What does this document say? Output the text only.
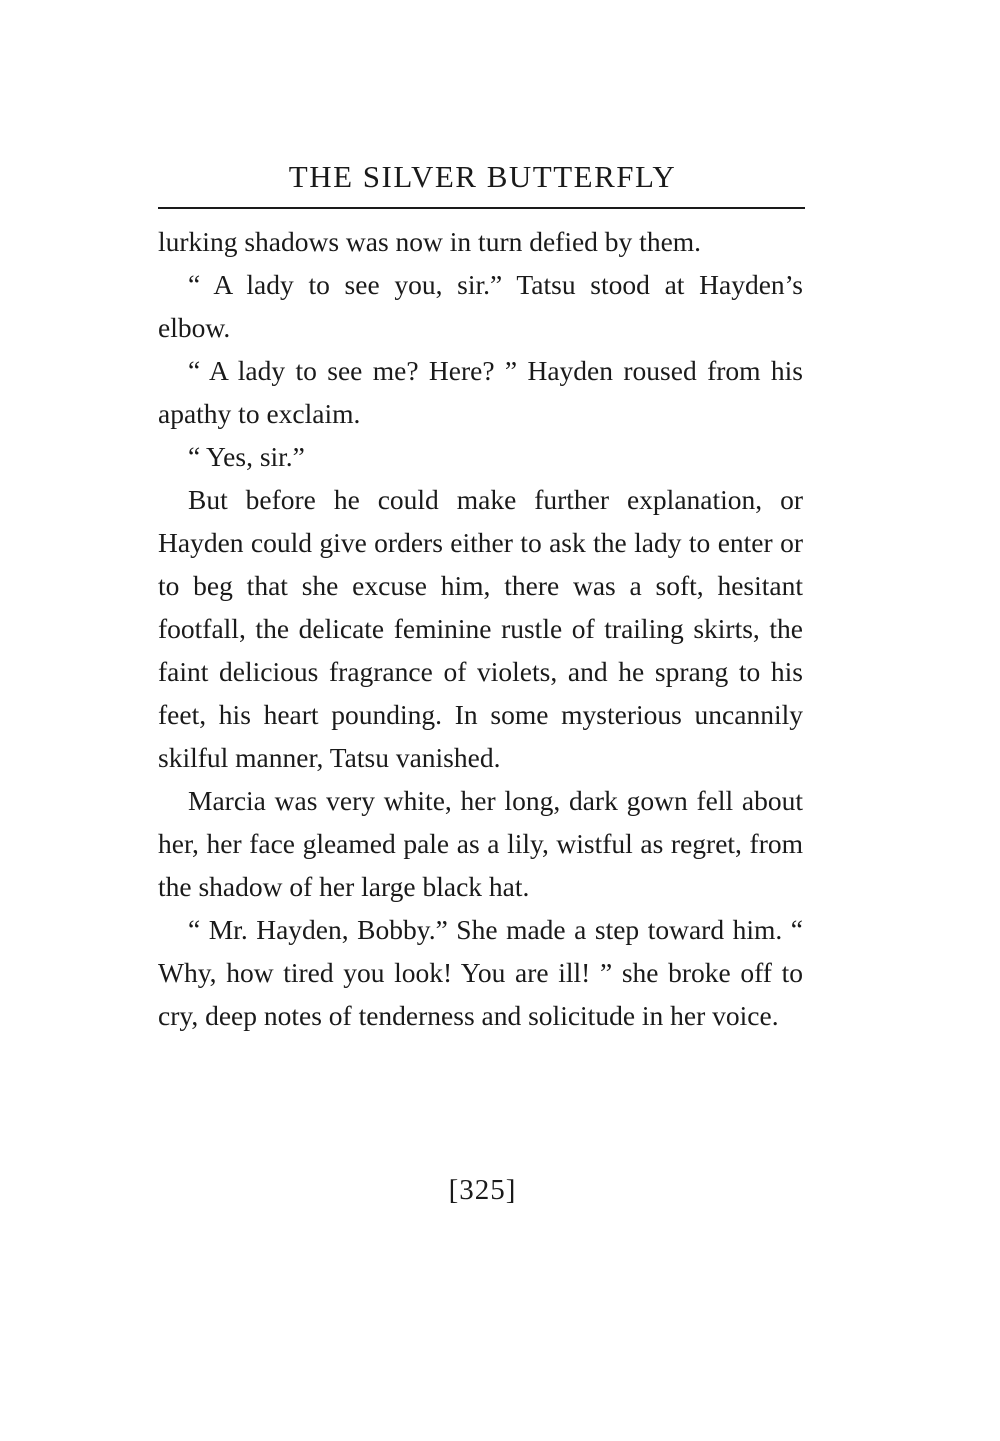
THE SILVER BUTTERFLY

lurking shadows was now in turn defied by them.

“ A lady to see you, sir.” Tatsu stood at Hayden’s elbow.

“ A lady to see me? Here? ” Hayden roused from his apathy to exclaim.

“ Yes, sir.”

But before he could make further explanation, or Hayden could give orders either to ask the lady to enter or to beg that she excuse him, there was a soft, hesitant footfall, the delicate feminine rustle of trailing skirts, the faint delicious fragrance of violets, and he sprang to his feet, his heart pounding. In some mysterious uncannily skilful manner, Tatsu vanished.

Marcia was very white, her long, dark gown fell about her, her face gleamed pale as a lily, wistful as regret, from the shadow of her large black hat.

“ Mr. Hayden, Bobby.” She made a step toward him. “ Why, how tired you look! You are ill! ” she broke off to cry, deep notes of tenderness and solicitude in her voice.

[325]
